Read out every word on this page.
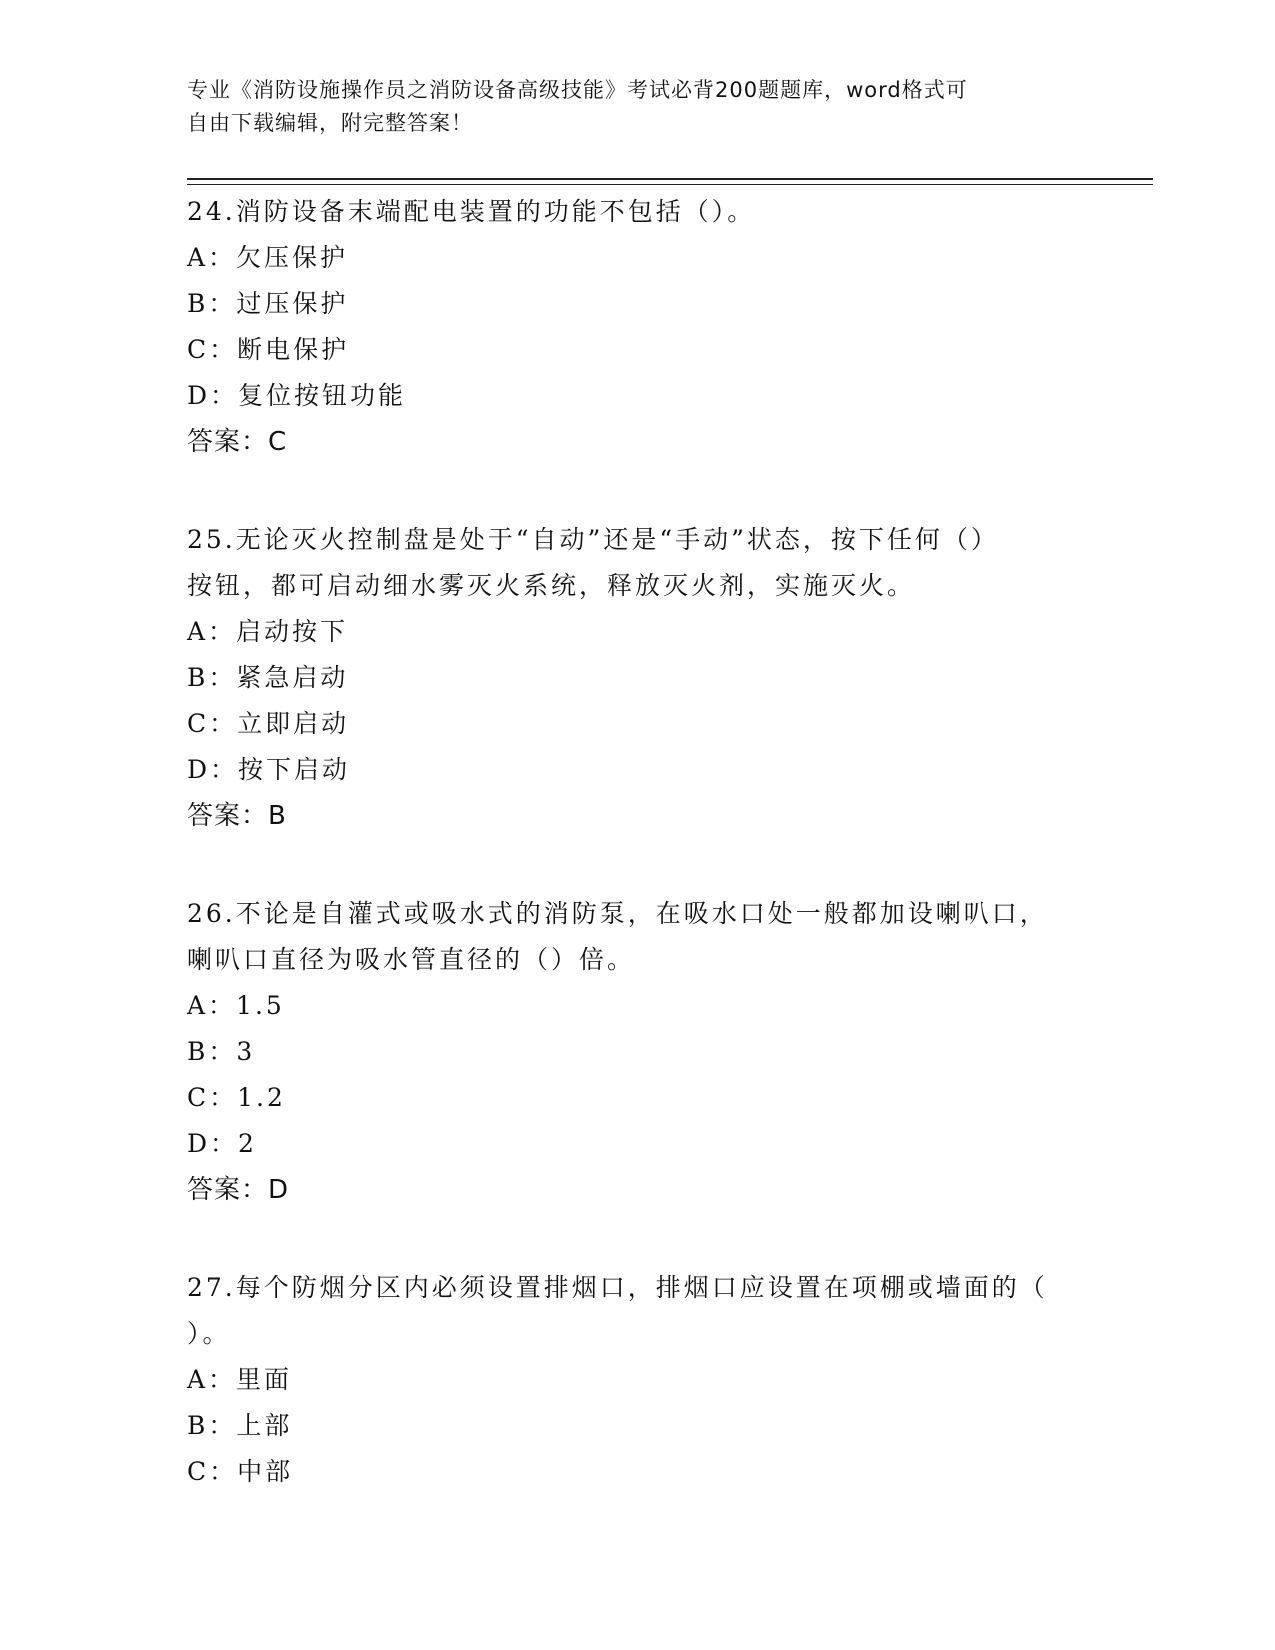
专业《消防设施操作员之消防设备高级技能》考试必背200题题库，word格式可
自由下载编辑，附完整答案！

24.消防设备末端配电装置的功能不包括（）。

A：欠压保护

B：过压保护

C：断电保护

D：复位按钮功能

答案：C

25.无论灭火控制盘是处于“自动”还是“手动”状态，按下任何（）

按钮，都可启动细水雾灭火系统，释放灭火剂，实施灭火。

A：启动按下

B：紧急启动

C：立即启动

D：按下启动

答案：B

26.不论是自灌式或吸水式的消防泵，在吸水口处一般都加设喇叭口，

喇叭口直径为吸水管直径的（）倍。

A：1.5

B：3

C：1.2

D：2

答案：D

27.每个防烟分区内必须设置排烟口，排烟口应设置在项棚或墙面的（

）。

A：里面

B：上部

C：中部
